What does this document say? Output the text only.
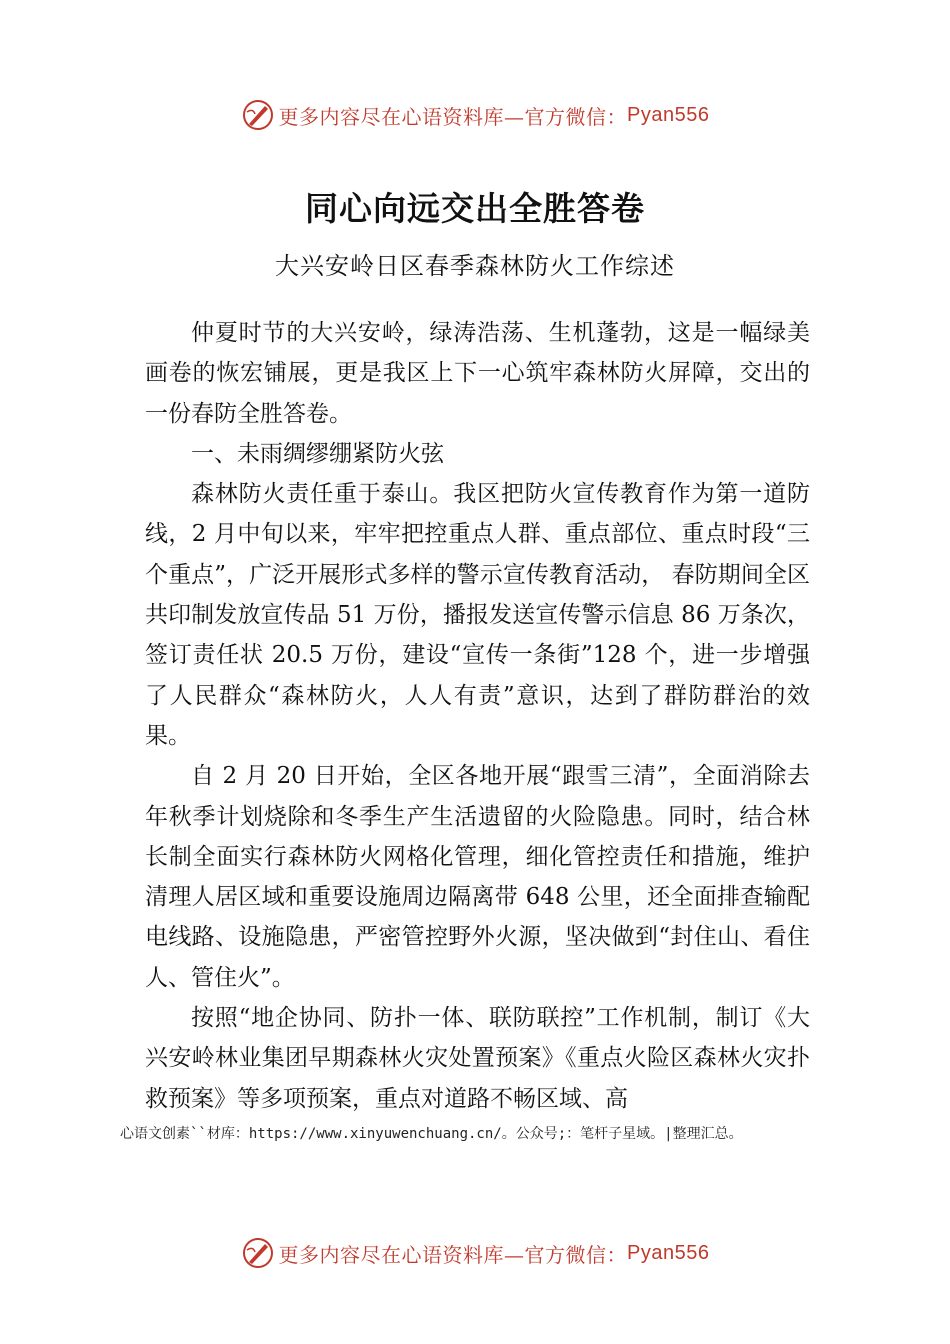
更多内容尽在心语资料库—官方微信： Pyan556
同心向远交出全胜答卷
大兴安岭日区春季森林防火工作综述

仲夏时节的大兴安岭，绿涛浩荡、生机蓬勃，这是一幅绿美画卷的恢宏铺展，更是我区上下一心筑牢森林防火屏障，交出的一份春防全胜答卷。

一、未雨绸缪绷紧防火弦

森林防火责任重于泰山。我区把防火宣传教育作为第一道防线，2 月中旬以来，牢牢把控重点人群、重点部位、重点时段“三个重点”，广泛开展形式多样的警示宣传教育活动， 春防期间全区共印制发放宣传品 51 万份，播报发送宣传警示信息 86 万条次，签订责任状 20.5 万份，建设“宣传一条街”128 个，进一步增强了人民群众“森林防火，人人有责”意识，达到了群防群治的效果。

自 2 月 20 日开始，全区各地开展“跟雪三清”，全面消除去年秋季计划烧除和冬季生产生活遗留的火险隐患。同时，结合林长制全面实行森林防火网格化管理，细化管控责任和措施，维护清理人居区域和重要设施周边隔离带 648 公里，还全面排查输配电线路、设施隐患，严密管控野外火源，坚决做到“封住山、看住人、管住火”。

按照“地企协同、防扑一体、联防联控”工作机制，制订《大兴安岭林业集团早期森林火灾处置预案》《重点火险区森林火灾扑救预案》等多项预案，重点对道路不畅区域、高

心语文创素``材库：https://www.xinyuwenchuang.cn/。公众号;：笔杆子星域。|整理汇总。
更多内容尽在心语资料库—官方微信： Pyan556
